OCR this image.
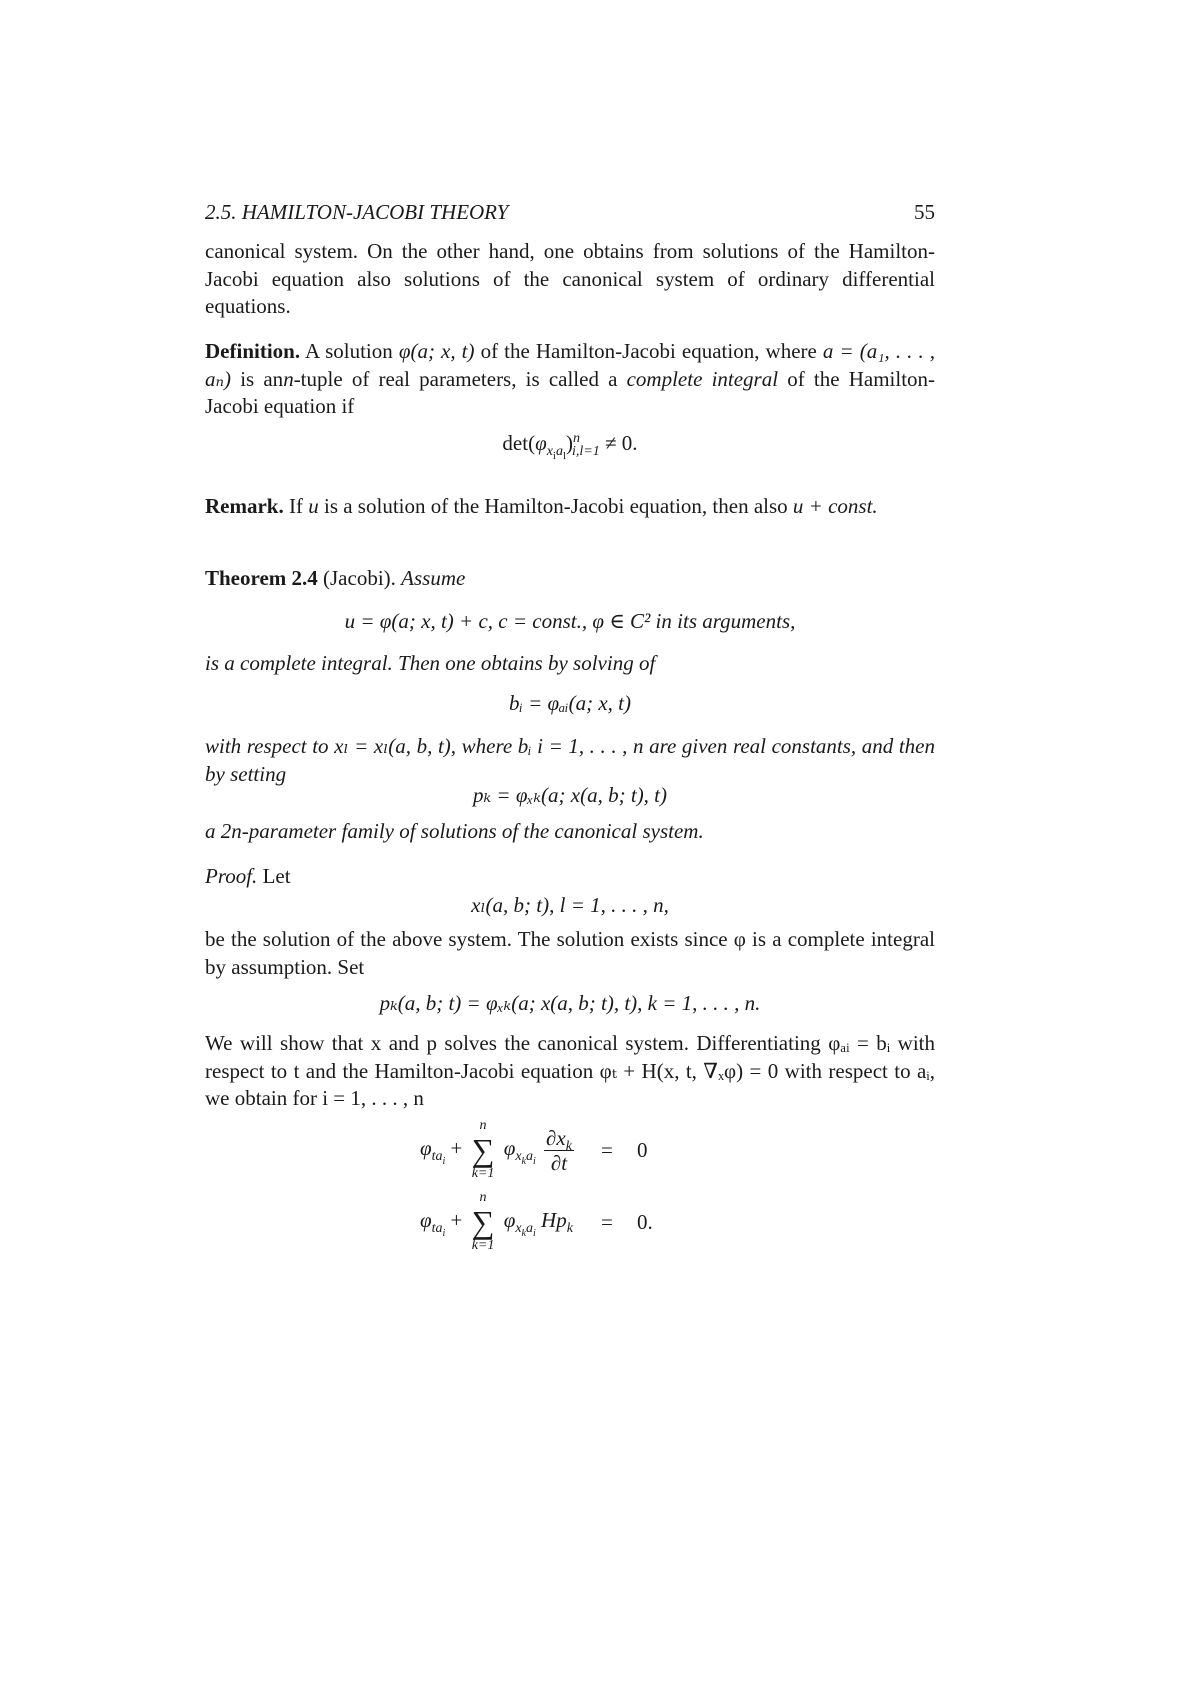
2.5. HAMILTON-JACOBI THEORY	55

canonical system. On the other hand, one obtains from solutions of the Hamilton-Jacobi equation also solutions of the canonical system of ordinary differential equations.

Definition. A solution φ(a; x, t) of the Hamilton-Jacobi equation, where a = (a₁, . . . , aₙ) is ann-tuple of real parameters, is called a complete integral of the Hamilton-Jacobi equation if

$\det(\varphi_{x_ia_l})^n_{i,l=1} \ne 0$.

Remark. If u is a solution of the Hamilton-Jacobi equation, then also u + const.

Theorem 2.4 (Jacobi). Assume

u = φ(a; x, t) + c, c = const., φ ∈ C² in its arguments,

is a complete integral. Then one obtains by solving of

bᵢ = φₐᵢ(a; x, t)

with respect to xₗ = xₗ(a, b, t), where bᵢ i = 1, . . . , n are given real constants, and then by setting

pₖ = φₓₖ(a; x(a, b; t), t)

a 2n-parameter family of solutions of the canonical system.

Proof. Let

xₗ(a, b; t), l = 1, . . . , n,

be the solution of the above system. The solution exists since φ is a complete integral by assumption. Set

pₖ(a, b; t) = φₓₖ(a; x(a, b; t), t), k = 1, . . . , n.

We will show that x and p solves the canonical system. Differentiating φₐᵢ = bᵢ with respect to t and the Hamilton-Jacobi equation φₜ + H(x, t, ∇ₓφ) = 0 with respect to aᵢ, we obtain for i = 1, . . . , n

$\varphi_{ta_i}$ +
n
∑
k=1
$\varphi_{x_ka_i} \frac{\partial x_k}{\partial t}$	=	0
$\varphi_{ta_i}$ +
n
∑
k=1
$\varphi_{x_ka_i}$ $Hp_k$	=	0.
